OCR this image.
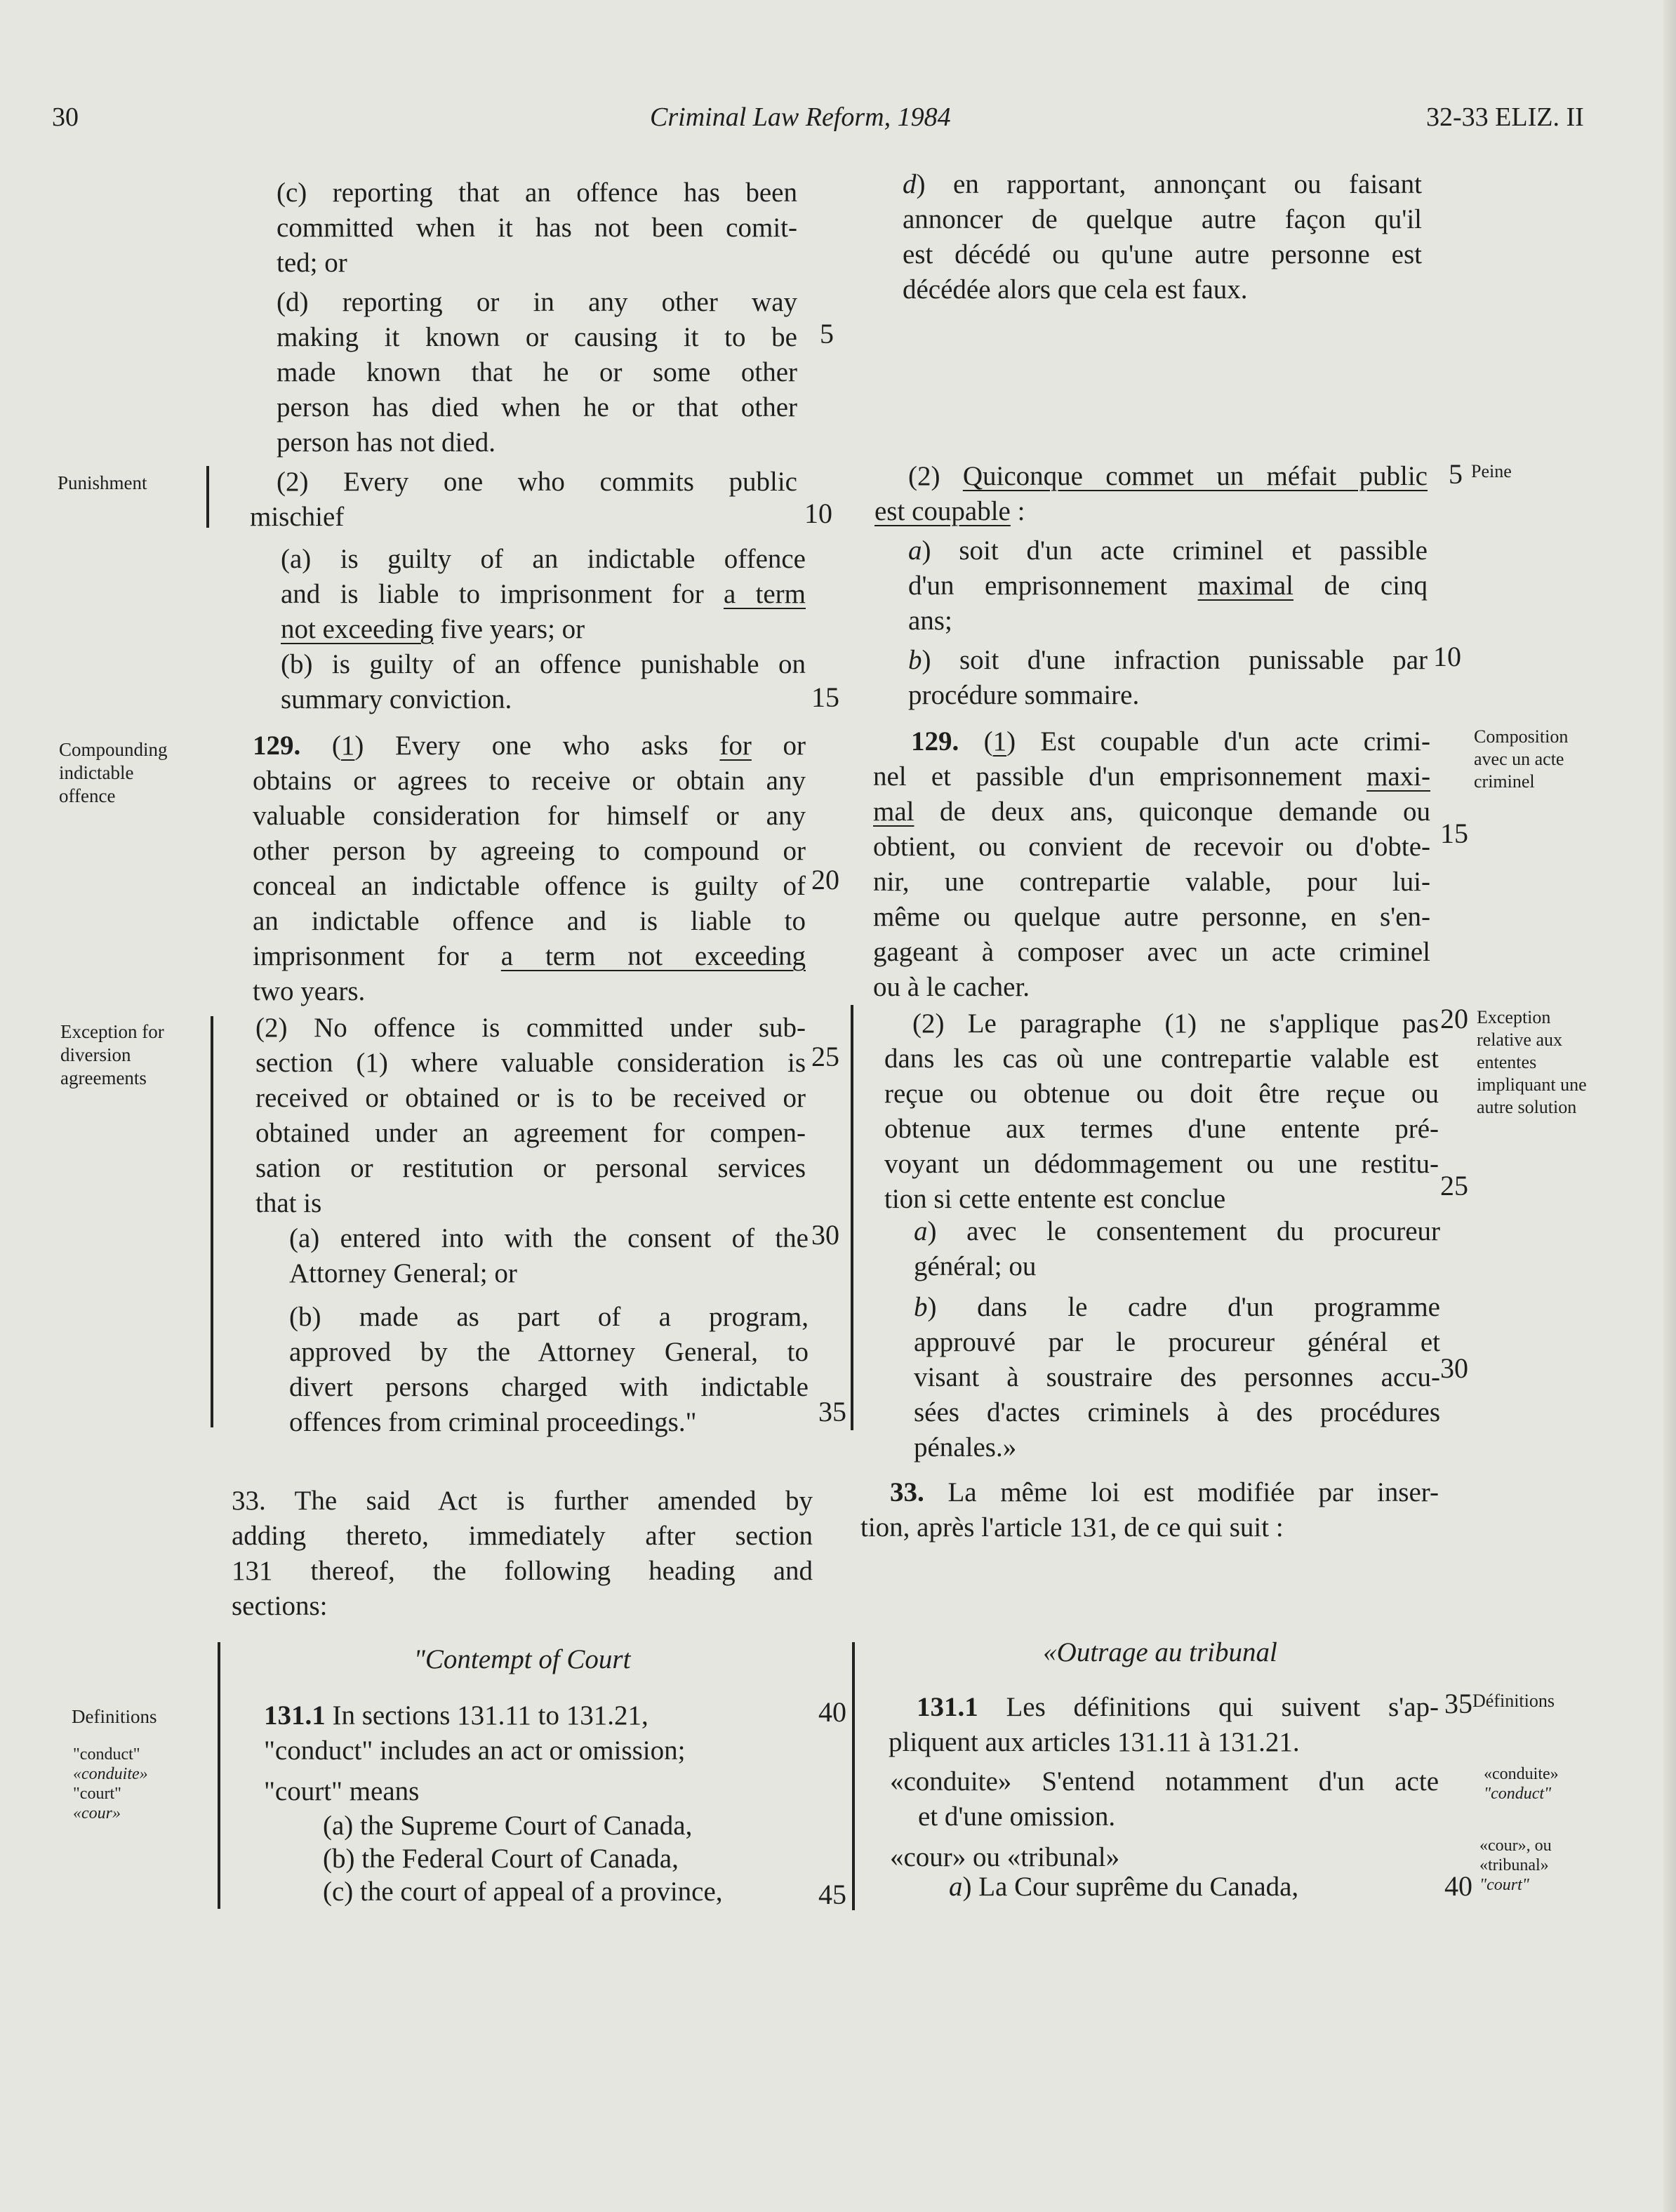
30	Criminal Law Reform, 1984	32-33 ELIZ. II
(c) reporting that an offence has been
committed when it has not been comit-
ted; or
(d) reporting or in any other way
making it known or causing it to be
made known that he or some other
person has died when he or that other
person has not died.
(2) Every one who commits public
mischief
(a) is guilty of an indictable offence
and is liable to imprisonment for a term
not exceeding five years; or
(b) is guilty of an offence punishable on
summary conviction.
129. (1) Every one who asks for or
obtains or agrees to receive or obtain any
valuable consideration for himself or any
other person by agreeing to compound or
conceal an indictable offence is guilty of
an indictable offence and is liable to
imprisonment for a term not exceeding
two years.
(2) No offence is committed under sub-
section (1) where valuable consideration is
received or obtained or is to be received or
obtained under an agreement for compen-
sation or restitution or personal services
that is
(a) entered into with the consent of the
Attorney General; or
(b) made as part of a program,
approved by the Attorney General, to
divert persons charged with indictable
offences from criminal proceedings."
33. The said Act is further amended by
adding thereto, immediately after section
131 thereof, the following heading and
sections:
"Contempt of Court
131.1 In sections 131.11 to 131.21,
"conduct" includes an act or omission;
"court" means
(a) the Supreme Court of Canada,
(b) the Federal Court of Canada,
(c) the court of appeal of a province,
5
10
15
20
25
30
35
40
45
Punishment
Compounding
indictable
offence
Exception for
diversion
agreements
Definitions
"conduct"
«conduite»
"court"
«cour»
d) en rapportant, annonçant ou faisant
annoncer de quelque autre façon qu'il
est décédé ou qu'une autre personne est
décédée alors que cela est faux.
(2) Quiconque commet un méfait public
est coupable :
a) soit d'un acte criminel et passible
d'un emprisonnement maximal de cinq
ans;
b) soit d'une infraction punissable par
procédure sommaire.
129. (1) Est coupable d'un acte crimi-
nel et passible d'un emprisonnement maxi-
mal de deux ans, quiconque demande ou
obtient, ou convient de recevoir ou d'obte-
nir, une contrepartie valable, pour lui-
même ou quelque autre personne, en s'en-
gageant à composer avec un acte criminel
ou à le cacher.
(2) Le paragraphe (1) ne s'applique pas
dans les cas où une contrepartie valable est
reçue ou obtenue ou doit être reçue ou
obtenue aux termes d'une entente pré-
voyant un dédommagement ou une restitu-
tion si cette entente est conclue
a) avec le consentement du procureur
général; ou
b) dans le cadre d'un programme
approuvé par le procureur général et
visant à soustraire des personnes accu-
sées d'actes criminels à des procédures
pénales.»
33. La même loi est modifiée par inser-
tion, après l'article 131, de ce qui suit :
«Outrage au tribunal
131.1 Les définitions qui suivent s'ap-
pliquent aux articles 131.11 à 131.21.
«conduite» S'entend notamment d'un acte
et d'une omission.
«cour» ou «tribunal»
a) La Cour suprême du Canada,
5
10
15
20
25
30
35
40
Peine
Composition
avec un acte
criminel
Exception
relative aux
ententes
impliquant une
autre solution
Définitions
«conduite»
"conduct"
«cour», ou
«tribunal»
"court"
